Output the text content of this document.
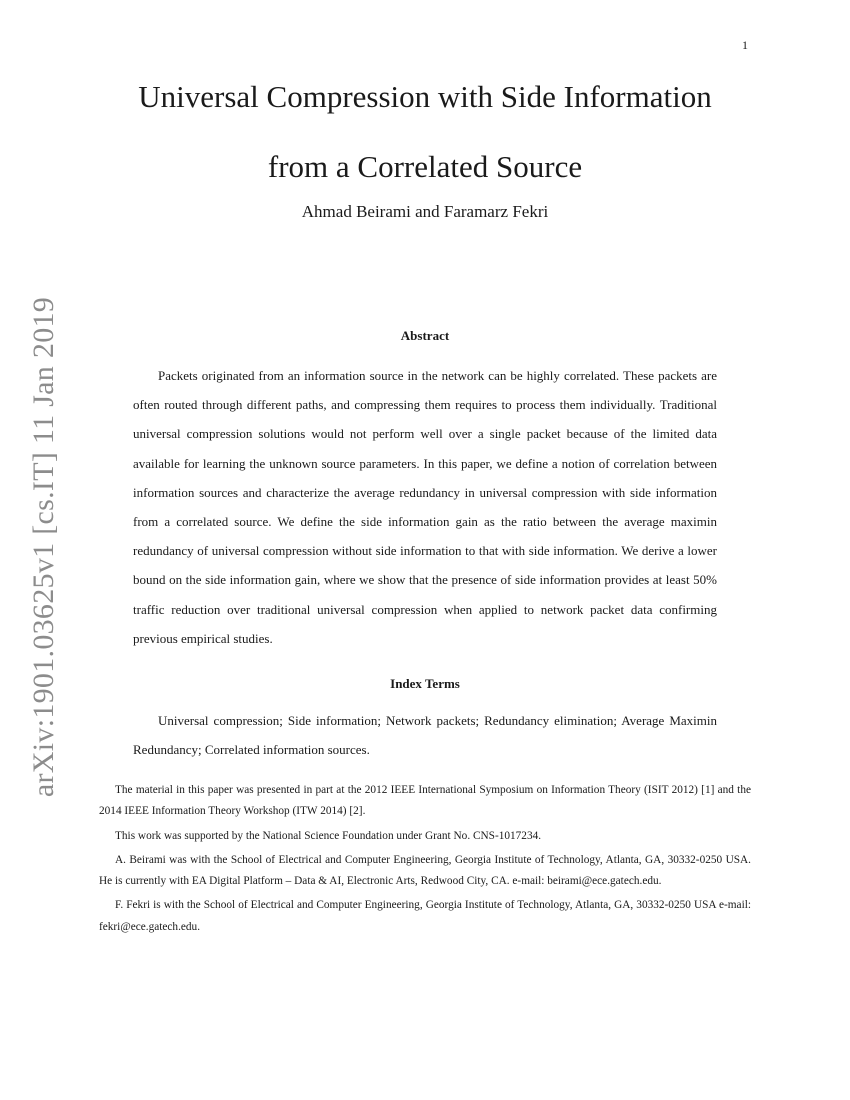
1
Universal Compression with Side Information
from a Correlated Source
Ahmad Beirami and Faramarz Fekri
arXiv:1901.03625v1 [cs.IT] 11 Jan 2019	Abstract

Packets originated from an information source in the network can be highly correlated. These packets are often routed through different paths, and compressing them requires to process them individually. Traditional universal compression solutions would not perform well over a single packet because of the limited data available for learning the unknown source parameters. In this paper, we define a notion of correlation between information sources and characterize the average redundancy in universal compression with side information from a correlated source. We define the side information gain as the ratio between the average maximin redundancy of universal compression without side information to that with side information. We derive a lower bound on the side information gain, where we show that the presence of side information provides at least 50% traffic reduction over traditional universal compression when applied to network packet data confirming previous empirical studies.

Index Terms

Universal compression; Side information; Network packets; Redundancy elimination; Average Maximin Redundancy; Correlated information sources.

The material in this paper was presented in part at the 2012 IEEE International Symposium on Information Theory (ISIT 2012) [1] and the 2014 IEEE Information Theory Workshop (ITW 2014) [2].

This work was supported by the National Science Foundation under Grant No. CNS-1017234.

A. Beirami was with the School of Electrical and Computer Engineering, Georgia Institute of Technology, Atlanta, GA, 30332-0250 USA. He is currently with EA Digital Platform – Data & AI, Electronic Arts, Redwood City, CA. e-mail: beirami@ece.gatech.edu.

F. Fekri is with the School of Electrical and Computer Engineering, Georgia Institute of Technology, Atlanta, GA, 30332-0250 USA e-mail: fekri@ece.gatech.edu.
